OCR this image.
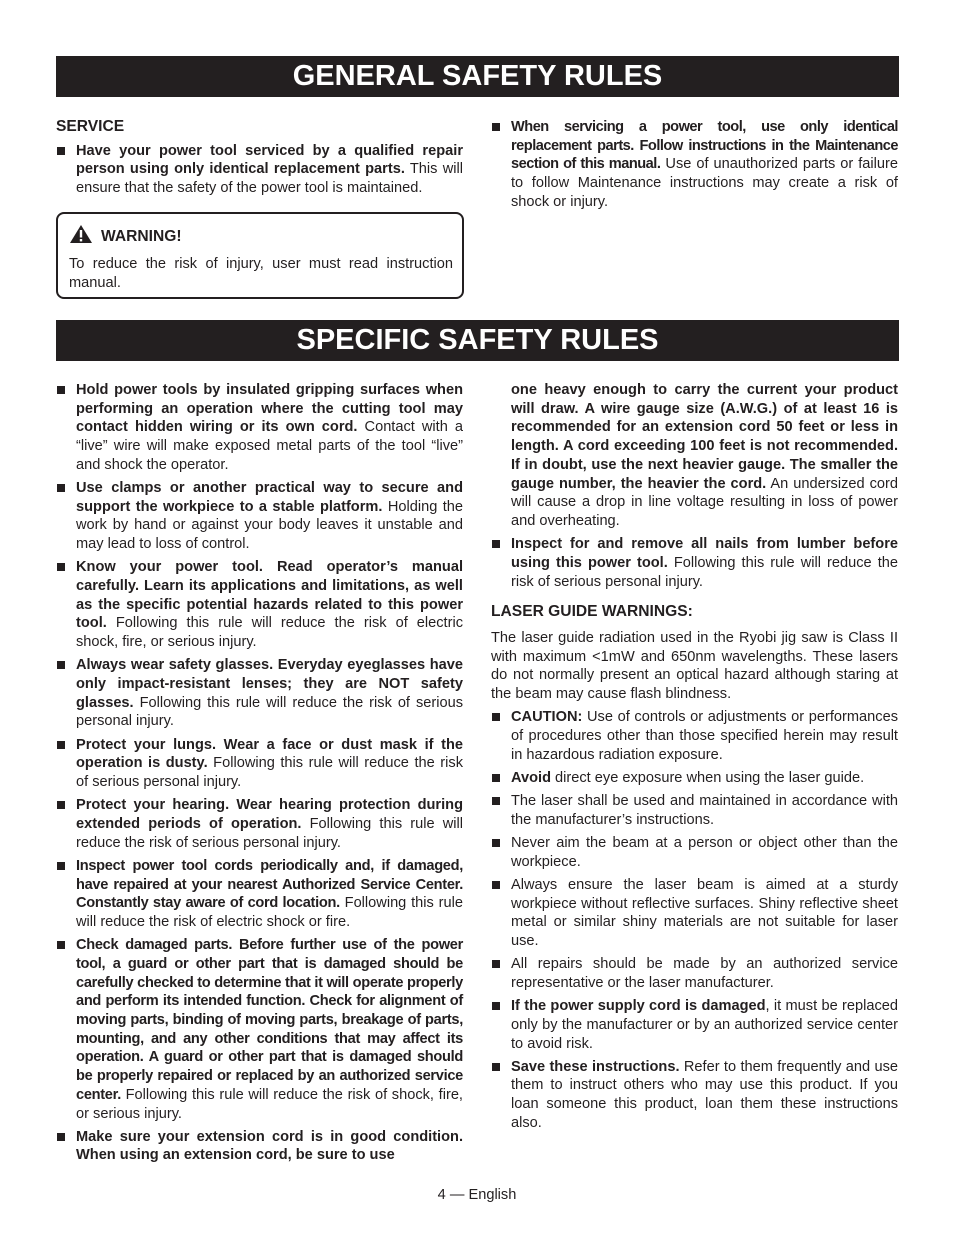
GENERAL SAFETY RULES
SERVICE
Have your power tool serviced by a qualified repair person using only identical replacement parts. This will ensure that the safety of the power tool is maintained.
WARNING!
To reduce the risk of injury, user must read instruction manual.
When servicing a power tool, use only identical replacement parts. Follow instructions in the Maintenance section of this manual. Use of unauthorized parts or failure to follow Maintenance instructions may create a risk of shock or injury.
SPECIFIC SAFETY RULES
Hold power tools by insulated gripping surfaces when performing an operation where the cutting tool may contact hidden wiring or its own cord. Contact with a “live” wire will make exposed metal parts of the tool “live” and shock the operator.
Use clamps or another practical way to secure and support the workpiece to a stable platform. Holding the work by hand or against your body leaves it unstable and may lead to loss of control.
Know your power tool. Read operator’s manual carefully. Learn its applications and limitations, as well as the specific potential hazards related to this power tool. Following this rule will reduce the risk of electric shock, fire, or serious injury.
Always wear safety glasses. Everyday eyeglasses have only impact-resistant lenses; they are NOT safety glasses. Following this rule will reduce the risk of serious personal injury.
Protect your lungs. Wear a face or dust mask if the operation is dusty. Following this rule will reduce the risk of serious personal injury.
Protect your hearing. Wear hearing protection during extended periods of operation. Following this rule will reduce the risk of serious personal injury.
Inspect power tool cords periodically and, if damaged, have repaired at your nearest Authorized Service Center. Constantly stay aware of cord location. Following this rule will reduce the risk of electric shock or fire.
Check damaged parts. Before further use of the power tool, a guard or other part that is damaged should be carefully checked to determine that it will operate properly and perform its intended function. Check for alignment of moving parts, binding of moving parts, breakage of parts, mounting, and any other conditions that may affect its operation. A guard or other part that is damaged should be properly repaired or replaced by an authorized service center. Following this rule will reduce the risk of shock, fire, or serious injury.
Make sure your extension cord is in good condition. When using an extension cord, be sure to use
one heavy enough to carry the current your product will draw. A wire gauge size (A.W.G.) of at least 16 is recommended for an extension cord 50 feet or less in length. A cord exceeding 100 feet is not recommended. If in doubt, use the next heavier gauge. The smaller the gauge number, the heavier the cord. An undersized cord will cause a drop in line voltage resulting in loss of power and overheating.
Inspect for and remove all nails from lumber before using this power tool. Following this rule will reduce the risk of serious personal injury.
LASER GUIDE WARNINGS:

The laser guide radiation used in the Ryobi jig saw is Class II with maximum <1mW and 650nm wavelengths. These lasers do not normally present an optical hazard although staring at the beam may cause flash blindness.

CAUTION: Use of controls or adjustments or performances of procedures other than those specified herein may result in hazardous radiation exposure.
Avoid direct eye exposure when using the laser guide.
The laser shall be used and maintained in accordance with the manufacturer’s instructions.
Never aim the beam at a person or object other than the workpiece.
Always ensure the laser beam is aimed at a sturdy workpiece without reflective surfaces. Shiny reflective sheet metal or similar shiny materials are not suitable for laser use.
All repairs should be made by an authorized service representative or the laser manufacturer.
If the power supply cord is damaged, it must be replaced only by the manufacturer or by an authorized service center to avoid risk.
Save these instructions. Refer to them frequently and use them to instruct others who may use this product. If you loan someone this product, loan them these instructions also.
4 — English
